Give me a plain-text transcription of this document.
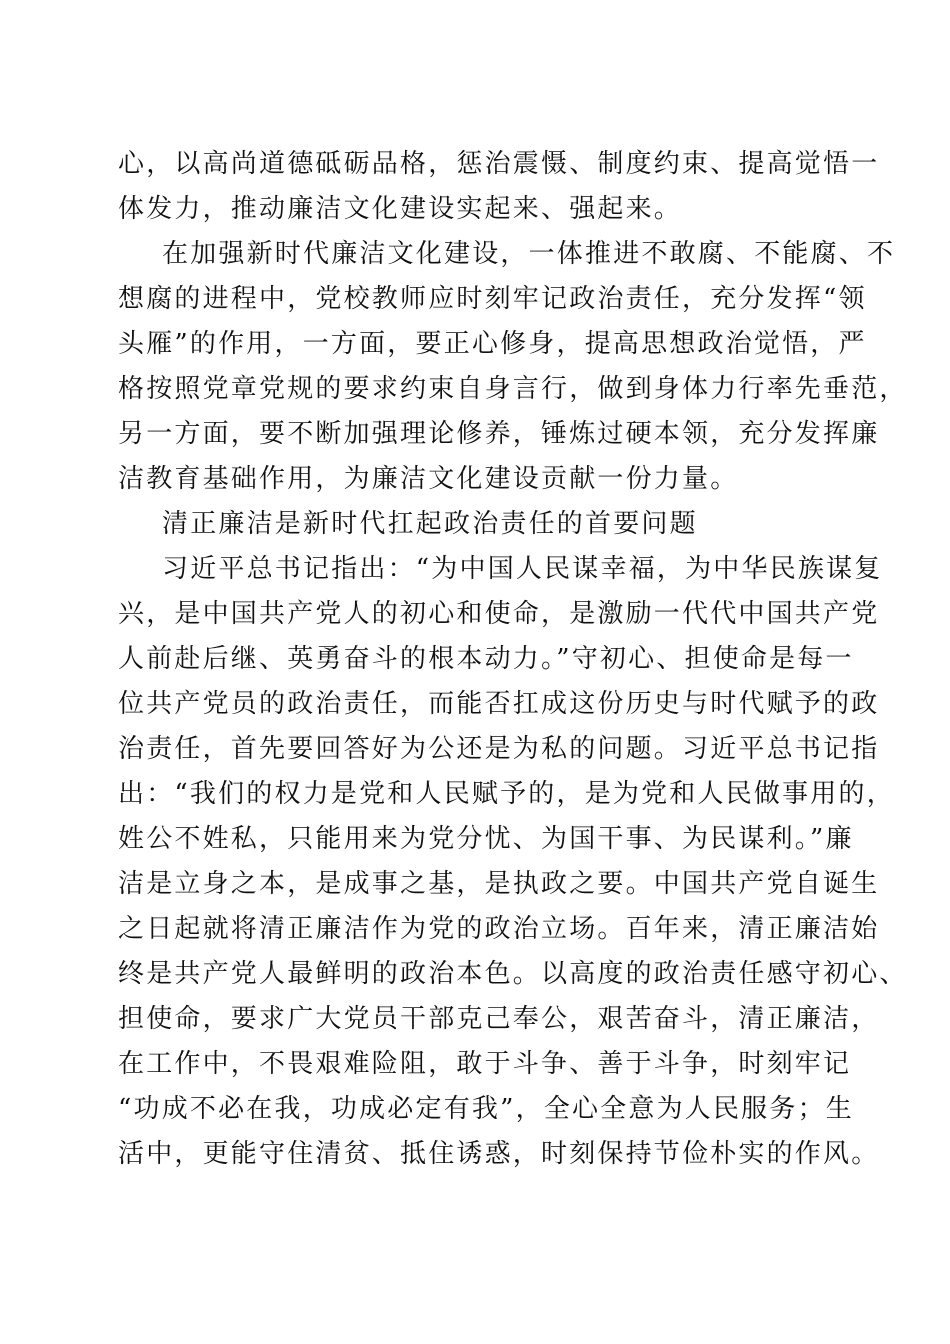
心，以高尚道德砥砺品格，惩治震慑、制度约束、提高觉悟一
体发力，推动廉洁文化建设实起来、强起来。
在加强新时代廉洁文化建设，一体推进不敢腐、不能腐、不
想腐的进程中，党校教师应时刻牢记政治责任，充分发挥“领
头雁”的作用，一方面，要正心修身，提高思想政治觉悟，严
格按照党章党规的要求约束自身言行，做到身体力行率先垂范，
另一方面，要不断加强理论修养，锤炼过硬本领，充分发挥廉
洁教育基础作用，为廉洁文化建设贡献一份力量。
清正廉洁是新时代扛起政治责任的首要问题
习近平总书记指出：“为中国人民谋幸福，为中华民族谋复
兴，是中国共产党人的初心和使命，是激励一代代中国共产党
人前赴后继、英勇奋斗的根本动力。”守初心、担使命是每一
位共产党员的政治责任，而能否扛成这份历史与时代赋予的政
治责任，首先要回答好为公还是为私的问题。习近平总书记指
出：“我们的权力是党和人民赋予的，是为党和人民做事用的，
姓公不姓私，只能用来为党分忧、为国干事、为民谋利。”廉
洁是立身之本，是成事之基，是执政之要。中国共产党自诞生
之日起就将清正廉洁作为党的政治立场。百年来，清正廉洁始
终是共产党人最鲜明的政治本色。以高度的政治责任感守初心、
担使命，要求广大党员干部克己奉公，艰苦奋斗，清正廉洁，
在工作中，不畏艰难险阻，敢于斗争、善于斗争，时刻牢记
“功成不必在我，功成必定有我”，全心全意为人民服务；生
活中，更能守住清贫、抵住诱惑，时刻保持节俭朴实的作风。
